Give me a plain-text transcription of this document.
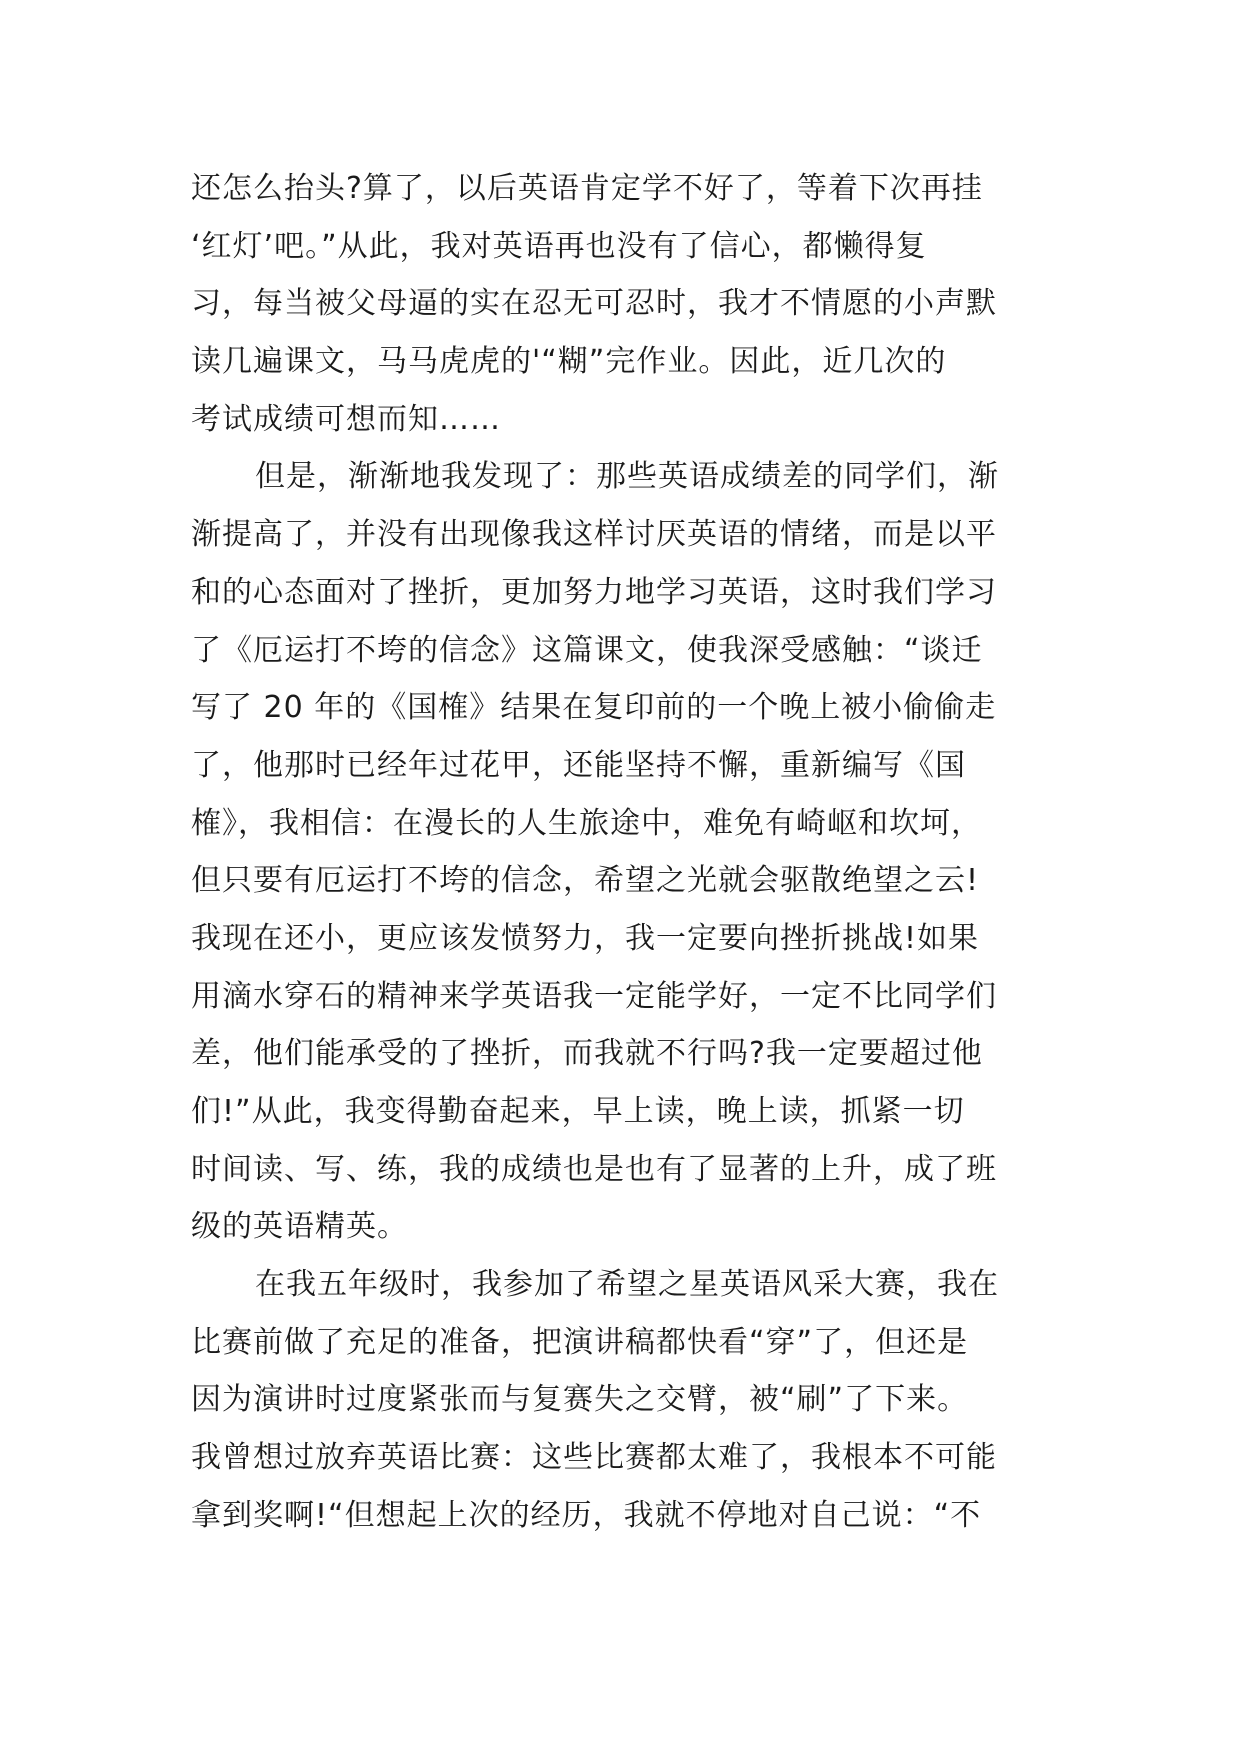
还怎么抬头?算了，以后英语肯定学不好了，等着下次再挂
‘红灯’吧。”从此，我对英语再也没有了信心，都懒得复
习，每当被父母逼的实在忍无可忍时，我才不情愿的小声默
读几遍课文，马马虎虎的'“糊”完作业。因此，近几次的
考试成绩可想而知……
但是，渐渐地我发现了：那些英语成绩差的同学们，渐
渐提高了，并没有出现像我这样讨厌英语的情绪，而是以平
和的心态面对了挫折，更加努力地学习英语，这时我们学习
了《厄运打不垮的信念》这篇课文，使我深受感触：“谈迁
写了 20 年的《国榷》结果在复印前的一个晚上被小偷偷走
了，他那时已经年过花甲，还能坚持不懈，重新编写《国
榷》，我相信：在漫长的人生旅途中，难免有崎岖和坎坷，
但只要有厄运打不垮的信念，希望之光就会驱散绝望之云!
我现在还小，更应该发愤努力，我一定要向挫折挑战!如果
用滴水穿石的精神来学英语我一定能学好，一定不比同学们
差，他们能承受的了挫折，而我就不行吗?我一定要超过他
们!”从此，我变得勤奋起来，早上读，晚上读，抓紧一切
时间读、写、练，我的成绩也是也有了显著的上升，成了班
级的英语精英。
在我五年级时，我参加了希望之星英语风采大赛，我在
比赛前做了充足的准备，把演讲稿都快看“穿”了，但还是
因为演讲时过度紧张而与复赛失之交臂，被“刷”了下来。
我曾想过放弃英语比赛：这些比赛都太难了，我根本不可能
拿到奖啊!“但想起上次的经历，我就不停地对自己说：“不
